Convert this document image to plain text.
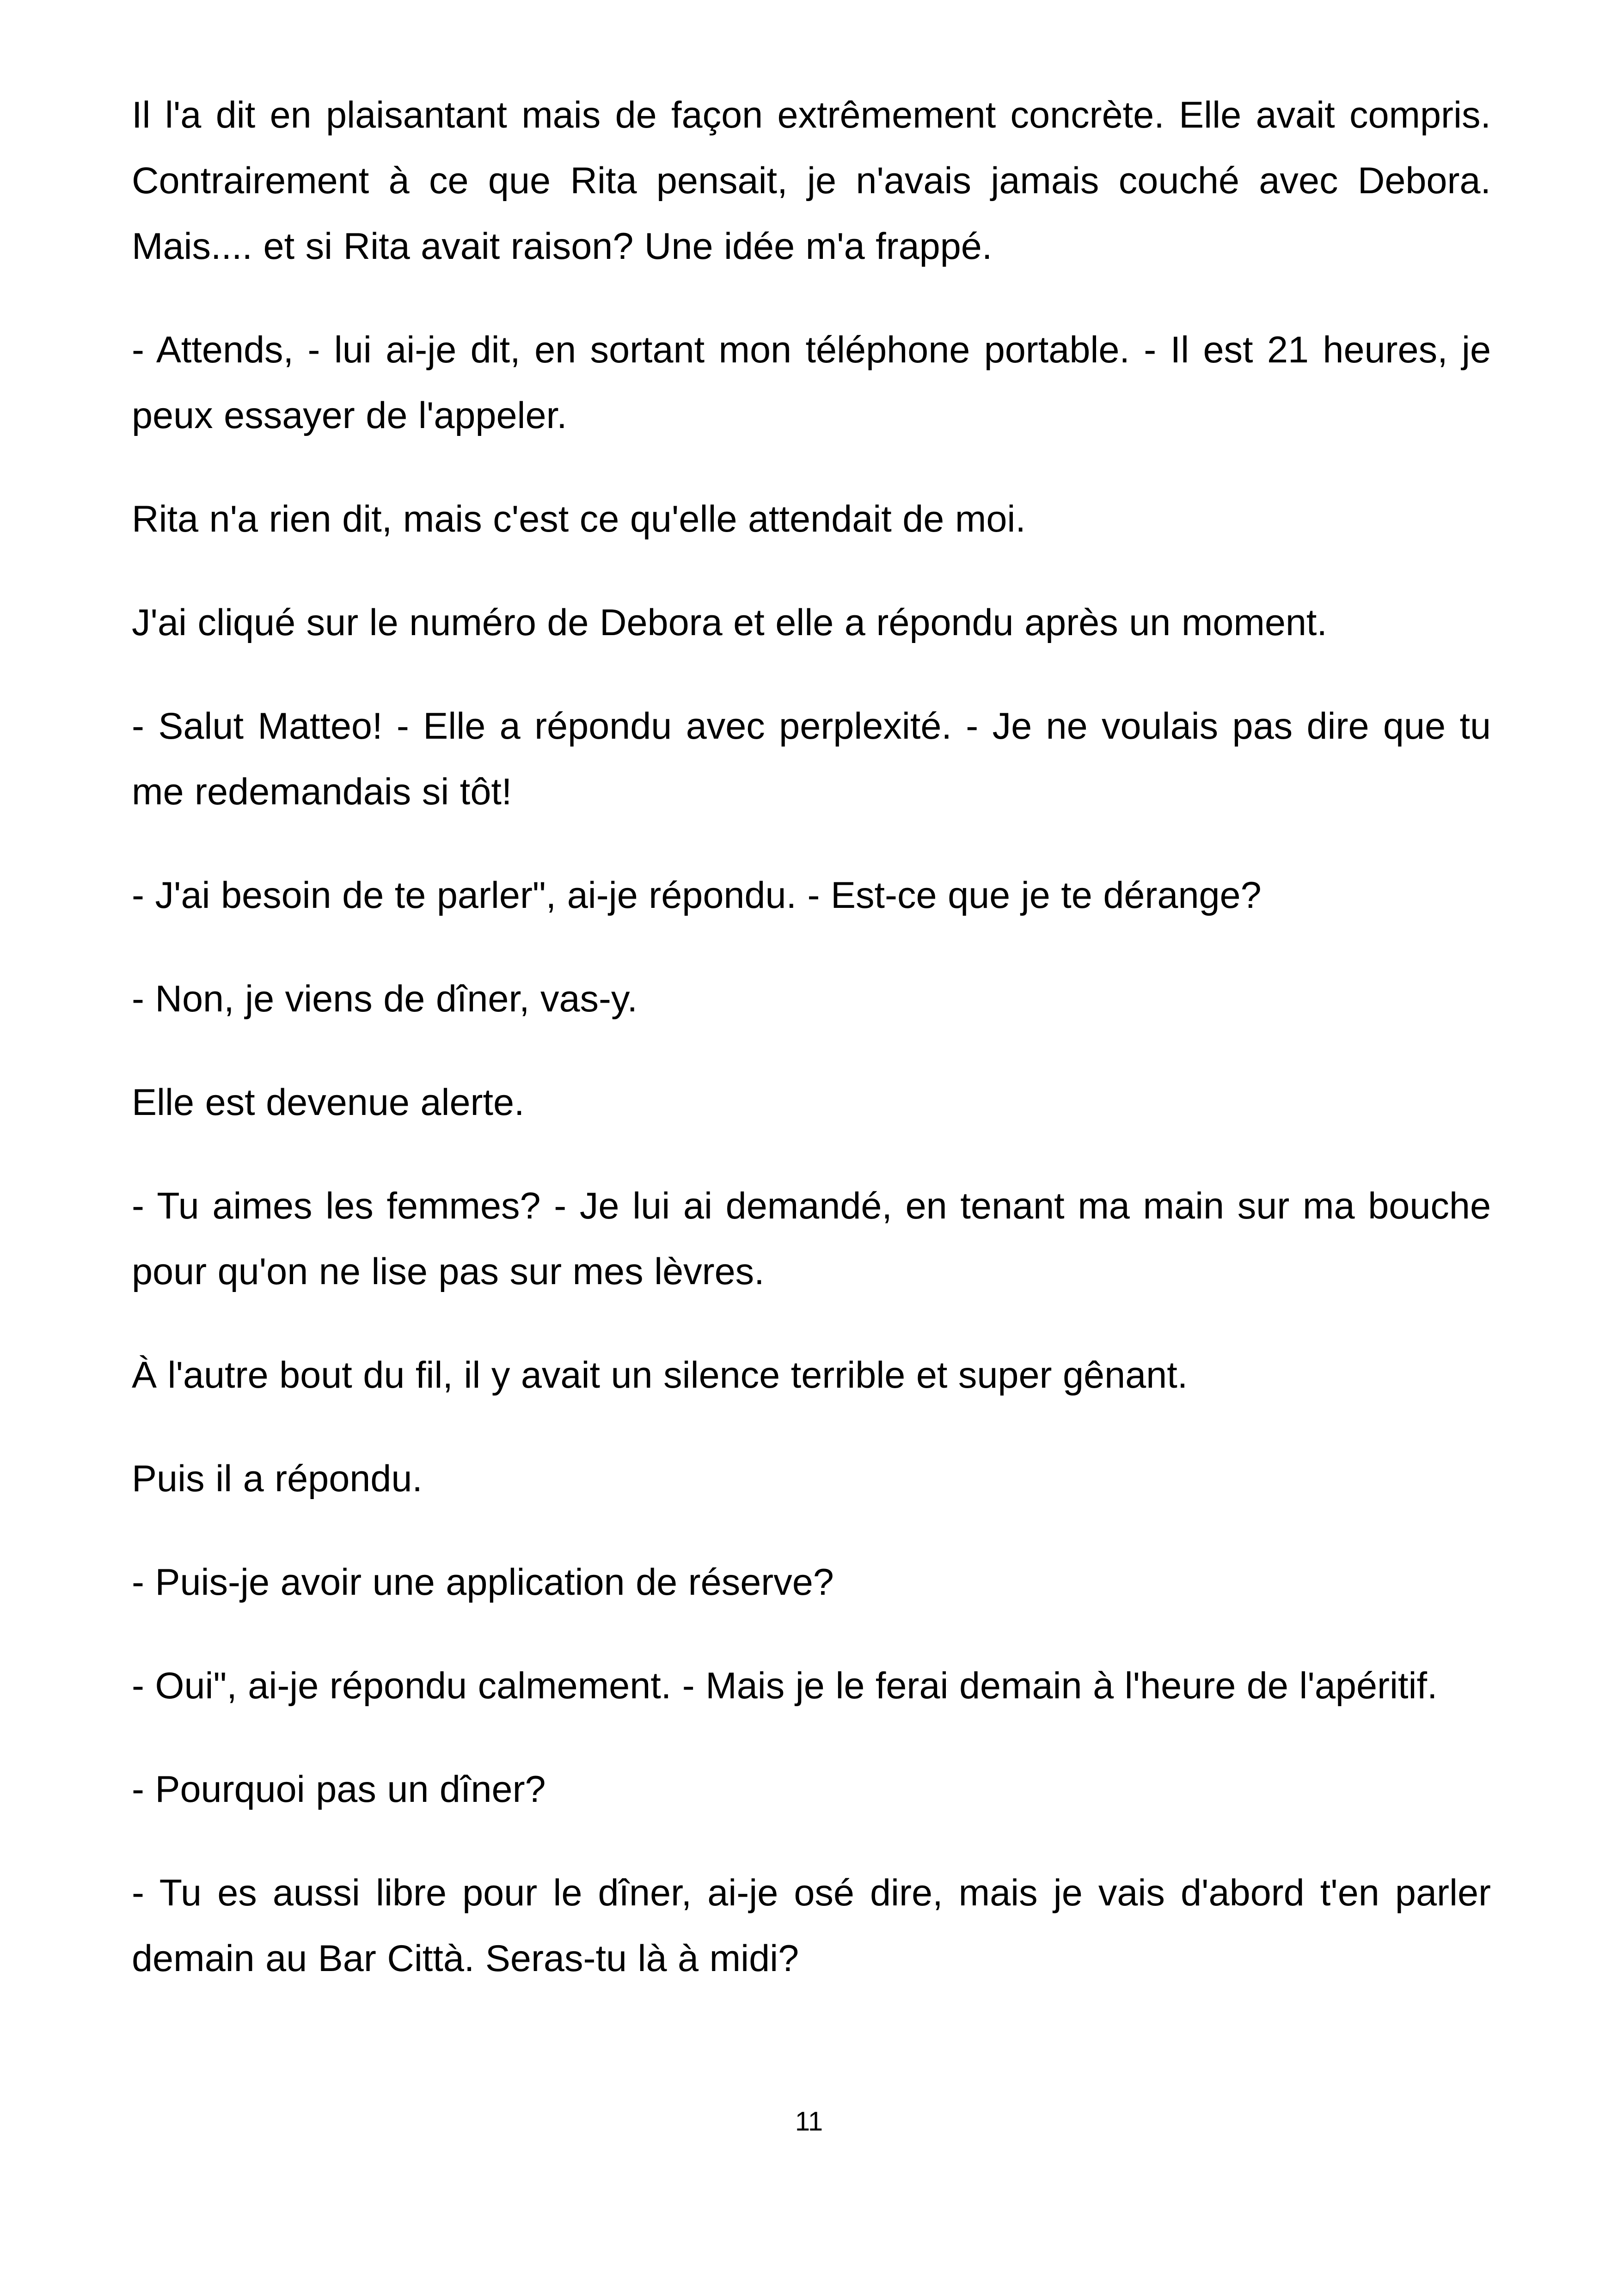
Il l'a dit en plaisantant mais de façon extrêmement concrète. Elle avait compris. Contrairement à ce que Rita pensait, je n'avais jamais couché avec Debora. Mais.... et si Rita avait raison? Une idée m'a frappé.

- Attends, - lui ai-je dit, en sortant mon téléphone portable. - Il est 21 heures, je peux essayer de l'appeler.

Rita n'a rien dit, mais c'est ce qu'elle attendait de moi.

J'ai cliqué sur le numéro de Debora et elle a répondu après un moment.

- Salut Matteo! - Elle a répondu avec perplexité. - Je ne voulais pas dire que tu me redemandais si tôt!

- J'ai besoin de te parler", ai-je répondu. - Est-ce que je te dérange?

- Non, je viens de dîner, vas-y.

Elle est devenue alerte.

- Tu aimes les femmes? - Je lui ai demandé, en tenant ma main sur ma bouche pour qu'on ne lise pas sur mes lèvres.

À l'autre bout du fil, il y avait un silence terrible et super gênant.

Puis il a répondu.

- Puis-je avoir une application de réserve?

- Oui", ai-je répondu calmement. - Mais je le ferai demain à l'heure de l'apéritif.

- Pourquoi pas un dîner?

- Tu es aussi libre pour le dîner, ai-je osé dire, mais je vais d'abord t'en parler demain au Bar Città. Seras-tu là à midi?

11
